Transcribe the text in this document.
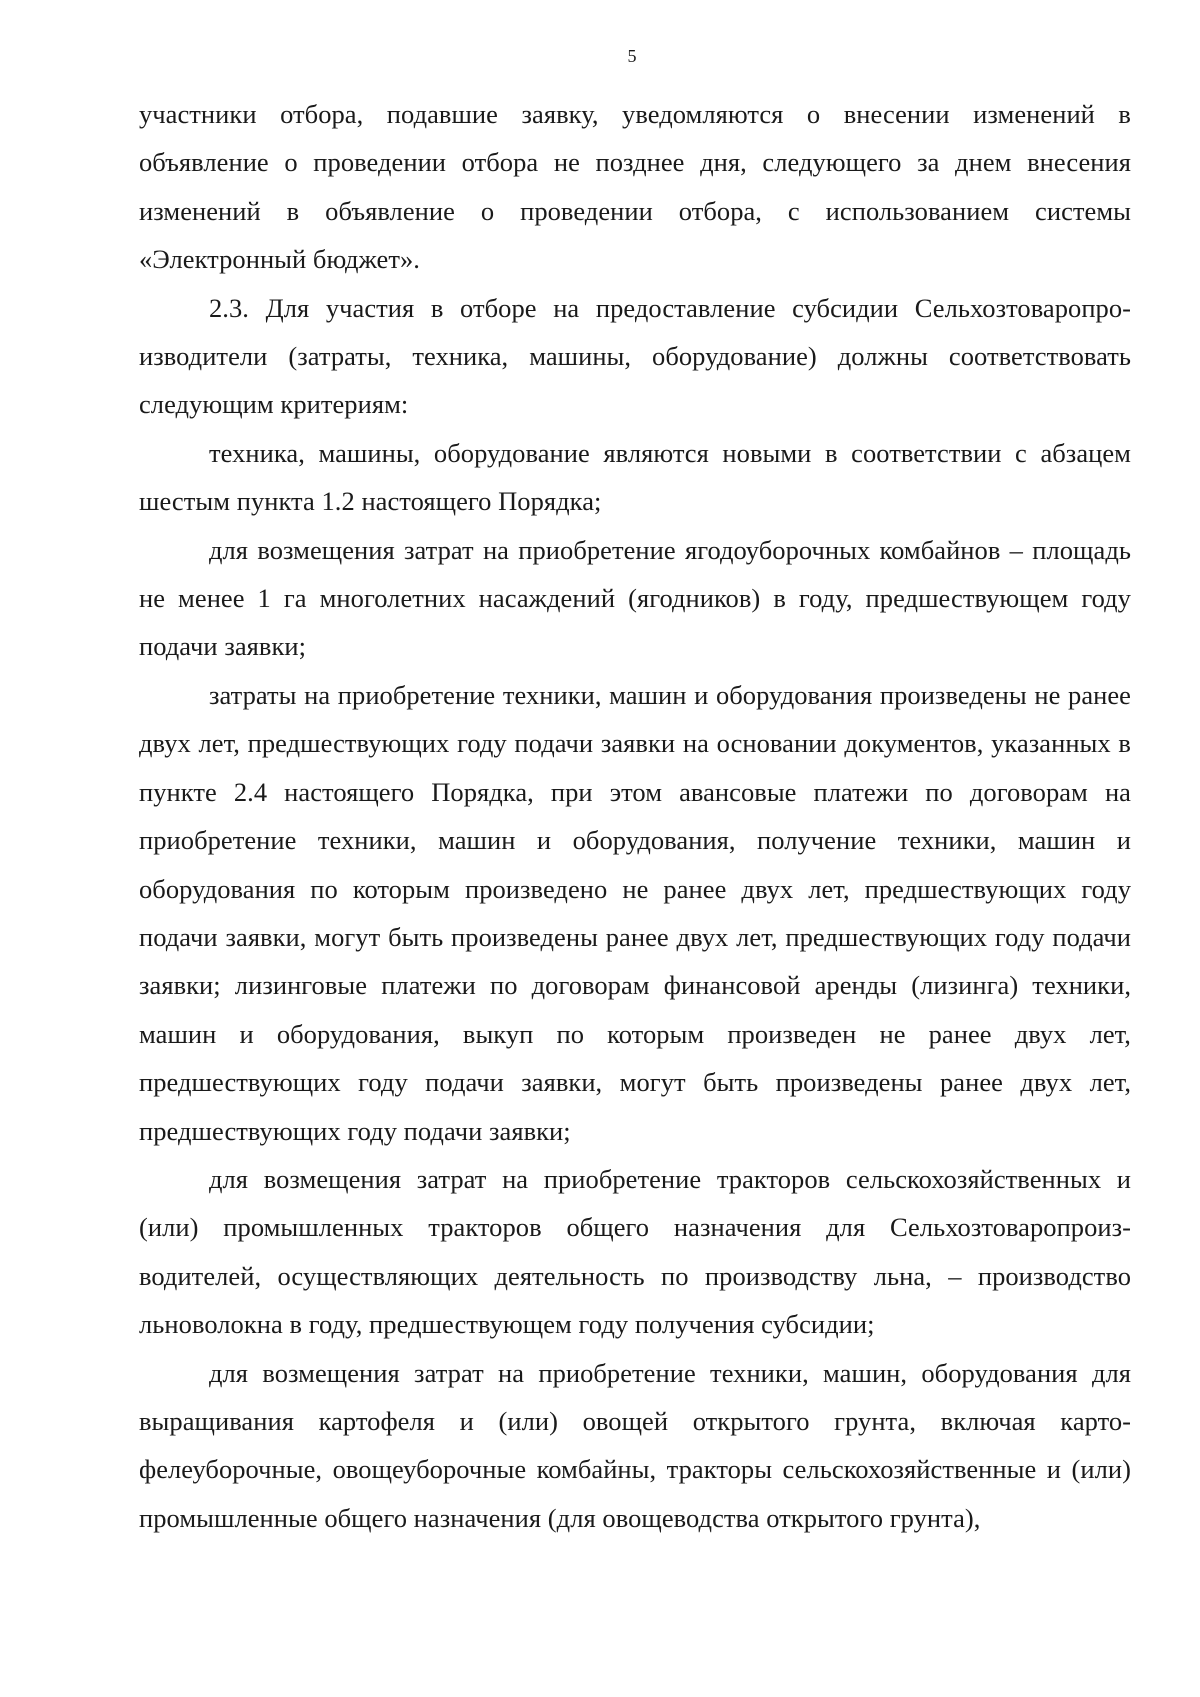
5

участники отбора, подавшие заявку, уведомляются о внесении изменений в объявление о проведении отбора не позднее дня, следующего за днем внесения изменений в объявление о проведении отбора, с использованием системы «Электронный бюджет».

2.3. Для участия в отборе на предоставление субсидии Сельхозтоваропроизводители (затраты, техника, машины, оборудование) должны соответствовать следующим критериям:

техника, машины, оборудование являются новыми в соответствии с абзацем шестым пункта 1.2 настоящего Порядка;

для возмещения затрат на приобретение ягодоуборочных комбайнов – площадь не менее 1 га многолетних насаждений (ягодников) в году, предшествующем году подачи заявки;

затраты на приобретение техники, машин и оборудования произведены не ранее двух лет, предшествующих году подачи заявки на основании документов, указанных в пункте 2.4 настоящего Порядка, при этом авансовые платежи по договорам на приобретение техники, машин и оборудования, получение техники, машин и оборудования по которым произведено не ранее двух лет, предшествующих году подачи заявки, могут быть произведены ранее двух лет, предшествующих году подачи заявки; лизинговые платежи по договорам финансовой аренды (лизинга) техники, машин и оборудования, выкуп по которым произведен не ранее двух лет, предшествующих году подачи заявки, могут быть произведены ранее двух лет, предшествующих году подачи заявки;

для возмещения затрат на приобретение тракторов сельскохозяйственных и (или) промышленных тракторов общего назначения для Сельхозтоваропроизводителей, осуществляющих деятельность по производству льна, – производство льноволокна в году, предшествующем году получения субсидии;

для возмещения затрат на приобретение техники, машин, оборудования для выращивания картофеля и (или) овощей открытого грунта, включая картофелеуборочные, овощеуборочные комбайны, тракторы сельскохозяйственные и (или) промышленные общего назначения (для овощеводства открытого грунта),
